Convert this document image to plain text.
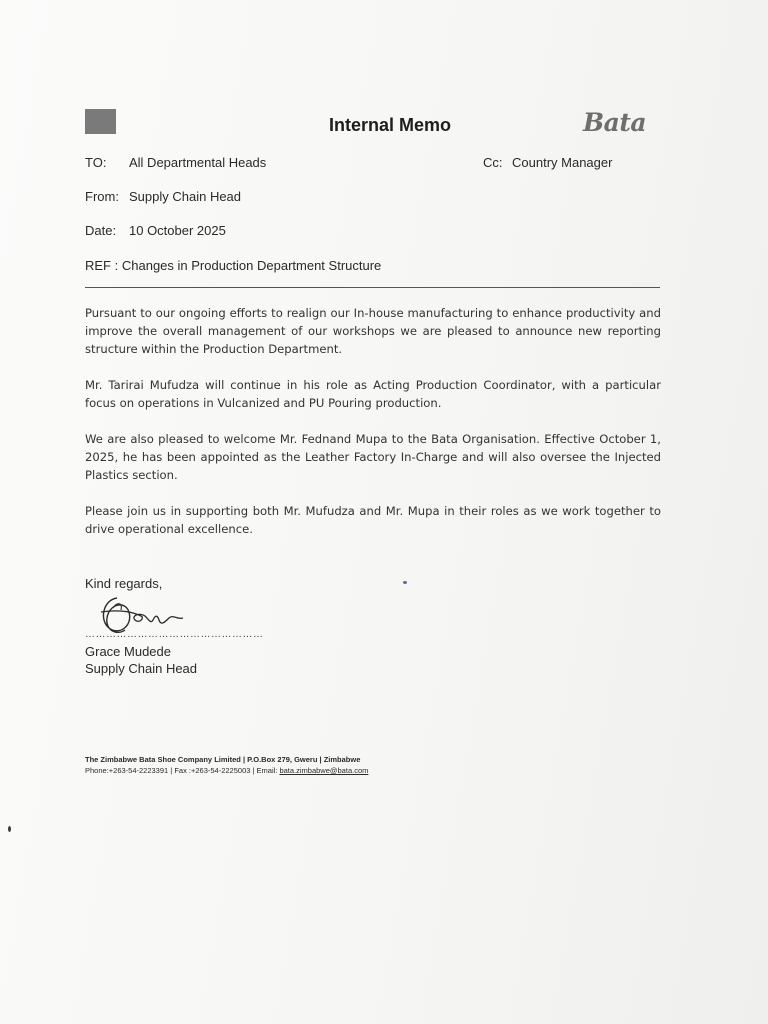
Internal Memo	Bata
TO: All Departmental Heads	Cc: Country Manager
From: Supply Chain Head
Date: 10 October 2025
REF : Changes in Production Department Structure

Pursuant to our ongoing efforts to realign our In-house manufacturing to enhance productivity and improve the overall management of our workshops we are pleased to announce new reporting structure within the Production Department.

Mr. Tarirai Mufudza will continue in his role as Acting Production Coordinator, with a particular focus on operations in Vulcanized and PU Pouring production.

We are also pleased to welcome Mr. Fednand Mupa to the Bata Organisation. Effective October 1, 2025, he has been appointed as the Leather Factory In-Charge and will also oversee the Injected Plastics section.

Please join us in supporting both Mr. Mufudza and Mr. Mupa in their roles as we work together to drive operational excellence.

Kind regards,
……………………………………………
Grace Mudede
Supply Chain Head
The Zimbabwe Bata Shoe Company Limited | P.O.Box 279, Gweru | Zimbabwe
Phone:+263-54-2223391 | Fax :+263-54-2225003 | Email: bata.zimbabwe@bata.com
